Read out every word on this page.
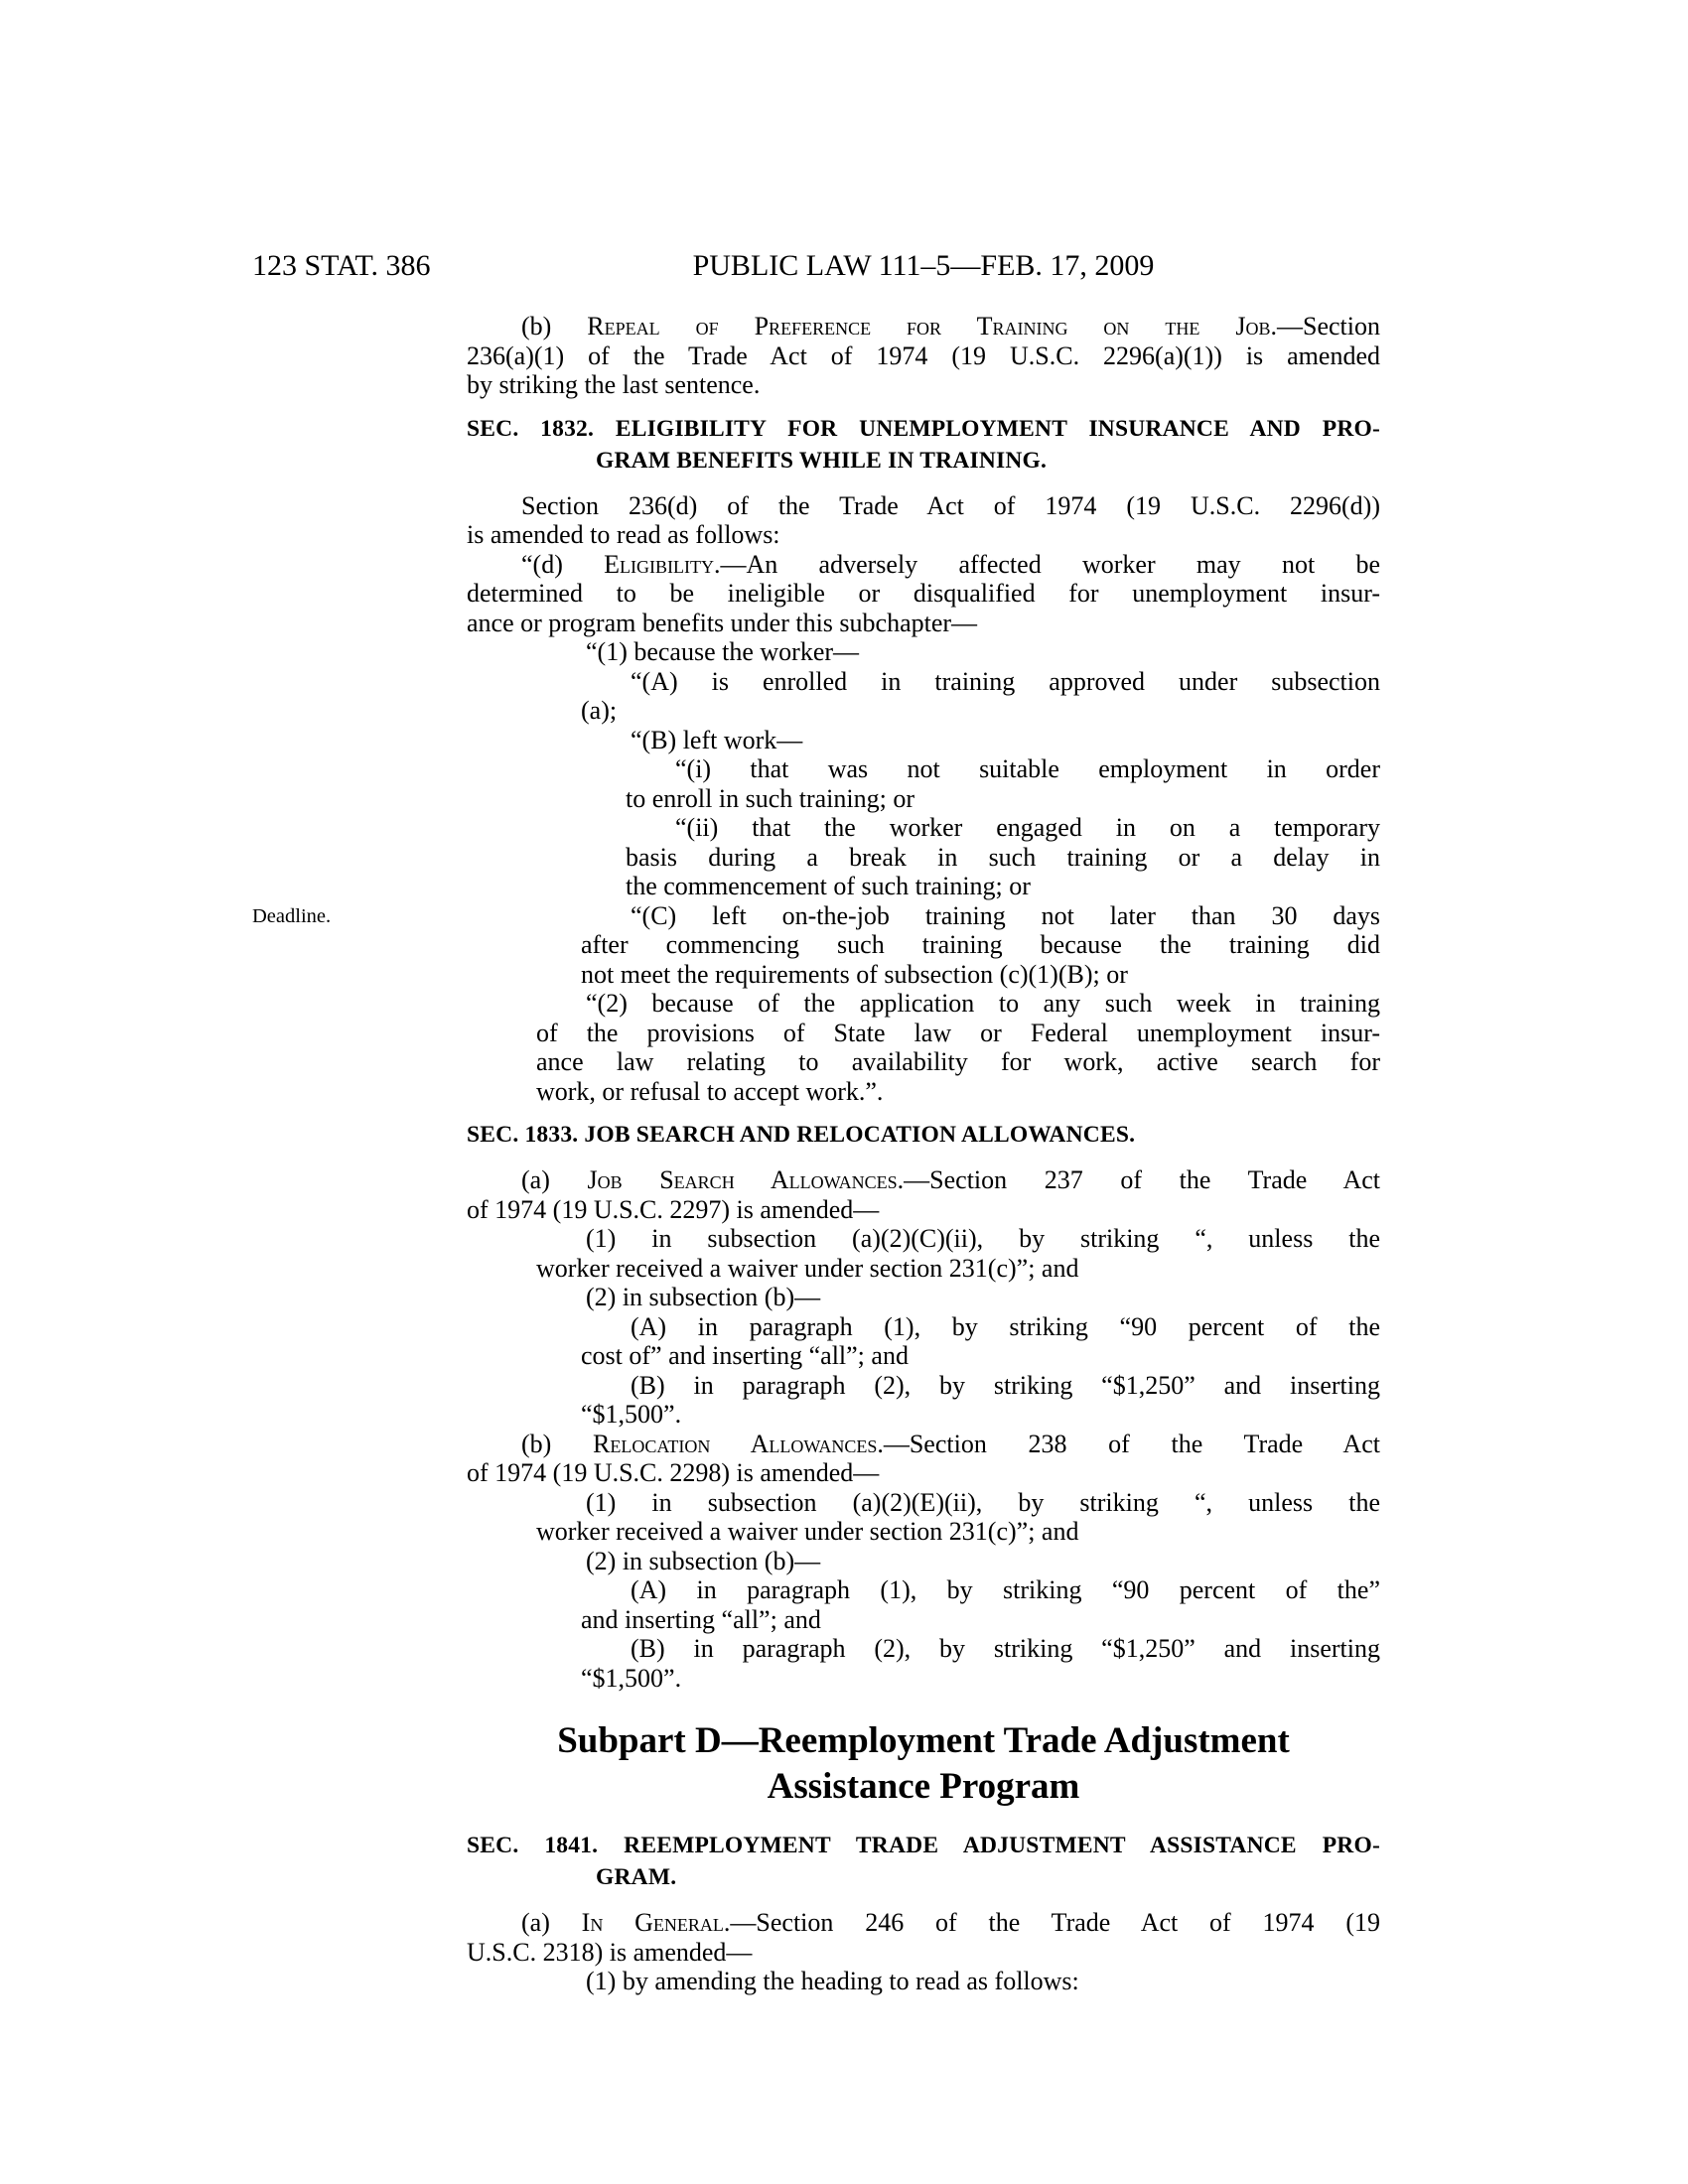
123 STAT. 386	PUBLIC LAW 111–5—FEB. 17, 2009
(b) Repeal of Preference for Training on the Job.—Section
236(a)(1) of the Trade Act of 1974 (19 U.S.C. 2296(a)(1)) is amended
by striking the last sentence.
SEC. 1832. ELIGIBILITY FOR UNEMPLOYMENT INSURANCE AND PRO-
GRAM BENEFITS WHILE IN TRAINING.
Section 236(d) of the Trade Act of 1974 (19 U.S.C. 2296(d))
is amended to read as follows:
“(d) Eligibility.—An adversely affected worker may not be
determined to be ineligible or disqualified for unemployment insur-
ance or program benefits under this subchapter—
“(1) because the worker—
“(A) is enrolled in training approved under subsection
(a);
“(B) left work—
“(i) that was not suitable employment in order
to enroll in such training; or
“(ii) that the worker engaged in on a temporary
basis during a break in such training or a delay in
the commencement of such training; or
“(C) left on-the-job training not later than 30 days
after commencing such training because the training did
not meet the requirements of subsection (c)(1)(B); or
Deadline.
“(2) because of the application to any such week in training
of the provisions of State law or Federal unemployment insur-
ance law relating to availability for work, active search for
work, or refusal to accept work.”.
SEC. 1833. JOB SEARCH AND RELOCATION ALLOWANCES.
(a) Job Search Allowances.—Section 237 of the Trade Act
of 1974 (19 U.S.C. 2297) is amended—
(1) in subsection (a)(2)(C)(ii), by striking “, unless the
worker received a waiver under section 231(c)”; and
(2) in subsection (b)—
(A) in paragraph (1), by striking “90 percent of the
cost of” and inserting “all”; and
(B) in paragraph (2), by striking “$1,250” and inserting
“$1,500”.
(b) Relocation Allowances.—Section 238 of the Trade Act
of 1974 (19 U.S.C. 2298) is amended—
(1) in subsection (a)(2)(E)(ii), by striking “, unless the
worker received a waiver under section 231(c)”; and
(2) in subsection (b)—
(A) in paragraph (1), by striking “90 percent of the”
and inserting “all”; and
(B) in paragraph (2), by striking “$1,250” and inserting
“$1,500”.
Subpart D—Reemployment Trade Adjustment
Assistance Program
SEC. 1841. REEMPLOYMENT TRADE ADJUSTMENT ASSISTANCE PRO-
GRAM.
(a) In General.—Section 246 of the Trade Act of 1974 (19
U.S.C. 2318) is amended—
(1) by amending the heading to read as follows:
